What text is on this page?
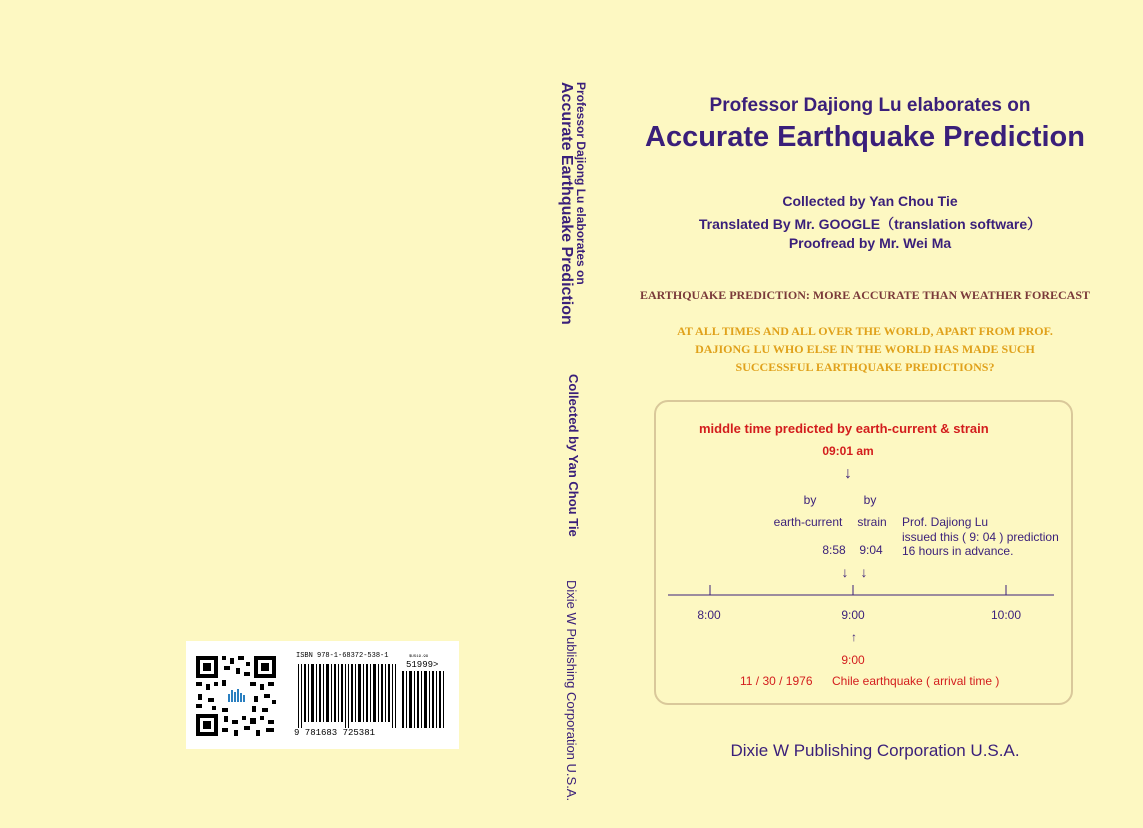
Professor Dajiong Lu elaborates on
Accurate Earthquake Prediction
Collected by Yan Chou Tie
Dixie W Publishing Corporation U.S.A.
Professor Dajiong Lu elaborates on
Accurate Earthquake Prediction
Collected by Yan Chou Tie
Translated By Mr. GOOGLE（translation software）
Proofread by Mr. Wei Ma
EARTHQUAKE PREDICTION: MORE ACCURATE THAN WEATHER FORECAST
AT ALL TIMES AND ALL OVER THE WORLD, APART FROM PROF.
DAJIONG LU WHO ELSE IN THE WORLD HAS MADE SUCH
SUCCESSFUL EARTHQUAKE PREDICTIONS?
middle time predicted by earth-current & strain
09:01 am
↓
by	by
earth-current strain
8:58 9:04
Prof. Dajiong Lu
issued this ( 9: 04 ) prediction
16 hours in advance.
↓ ↓
8:00	9:00	10:00
↑
9:00
11 / 30 / 1976 Chile earthquake ( arrival time )
Dixie W Publishing Corporation U.S.A.
ISBN 978-1-68372-538-1	$US19.99
51999>
9 781683 725381
